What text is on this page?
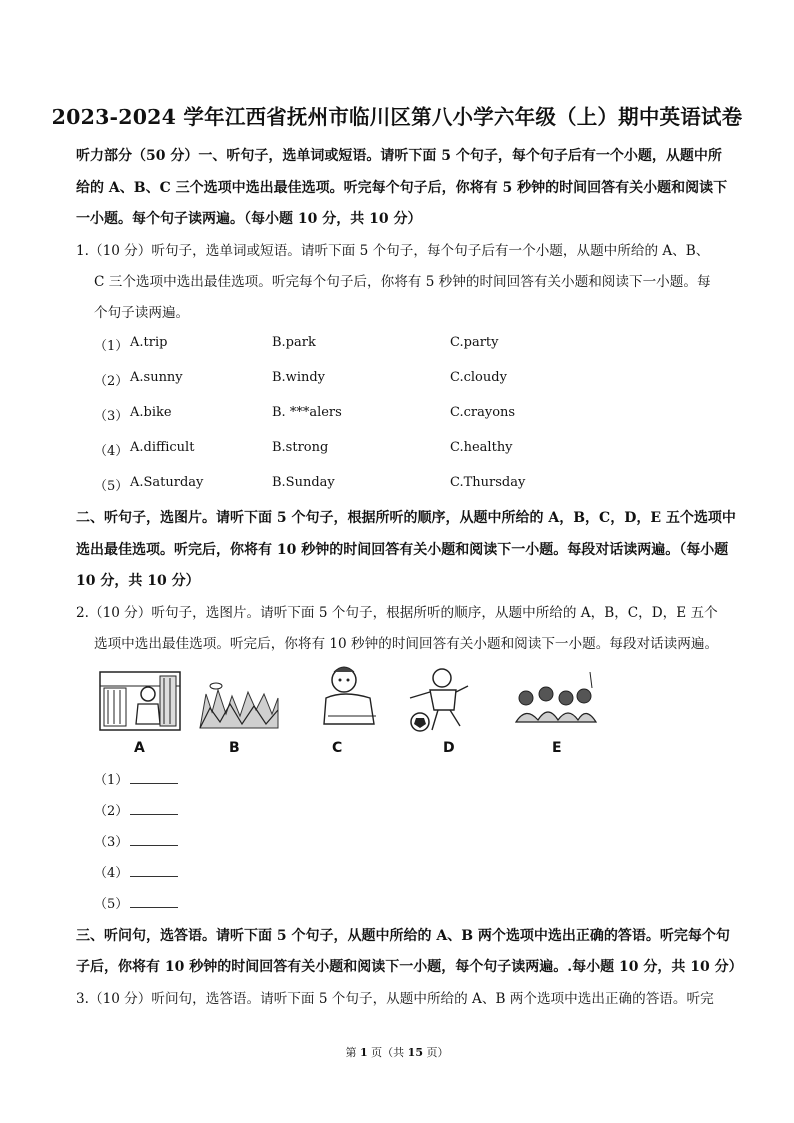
2023-2024 学年江西省抚州市临川区第八小学六年级（上）期中英语试卷
听力部分（50 分）一、听句子，选单词或短语。请听下面 5 个句子，每个句子后有一个小题，从题中所
给的 A、B、C 三个选项中选出最佳选项。听完每个句子后，你将有 5 秒钟的时间回答有关小题和阅读下
一小题。每个句子读两遍。（每小题 10 分，共 10 分）
1.（10 分）听句子，选单词或短语。请听下面 5 个句子，每个句子后有一个小题，从题中所给的 A、B、
C 三个选项中选出最佳选项。听完每个句子后，你将有 5 秒钟的时间回答有关小题和阅读下一小题。每
个句子读两遍。
（1） A.trip	B.park	C.party
（2） A.sunny	B.windy	C.cloudy
（3） A.bike	B. ***alers	C.crayons
（4） A.difficult	B.strong	C.healthy
（5） A.Saturday	B.Sunday	C.Thursday
二、听句子，选图片。请听下面 5 个句子，根据所听的顺序，从题中所给的 A，B，C，D，E 五个选项中
选出最佳选项。听完后，你将有 10 秒钟的时间回答有关小题和阅读下一小题。每段对话读两遍。（每小题
10 分，共 10 分）
2.（10 分）听句子，选图片。请听下面 5 个句子，根据所听的顺序，从题中所给的 A，B，C，D，E 五个
选项中选出最佳选项。听完后，你将有 10 秒钟的时间回答有关小题和阅读下一小题。每段对话读两遍。
A	B	C	D	E
（1）
（2）
（3）
（4）
（5）
三、听问句，选答语。请听下面 5 个句子，从题中所给的 A、B 两个选项中选出正确的答语。听完每个句
子后，你将有 10 秒钟的时间回答有关小题和阅读下一小题，每个句子读两遍。.每小题 10 分，共 10 分）
3.（10 分）听问句，选答语。请听下面 5 个句子，从题中所给的 A、B 两个选项中选出正确的答语。听完
第 1 页（共 15 页）
